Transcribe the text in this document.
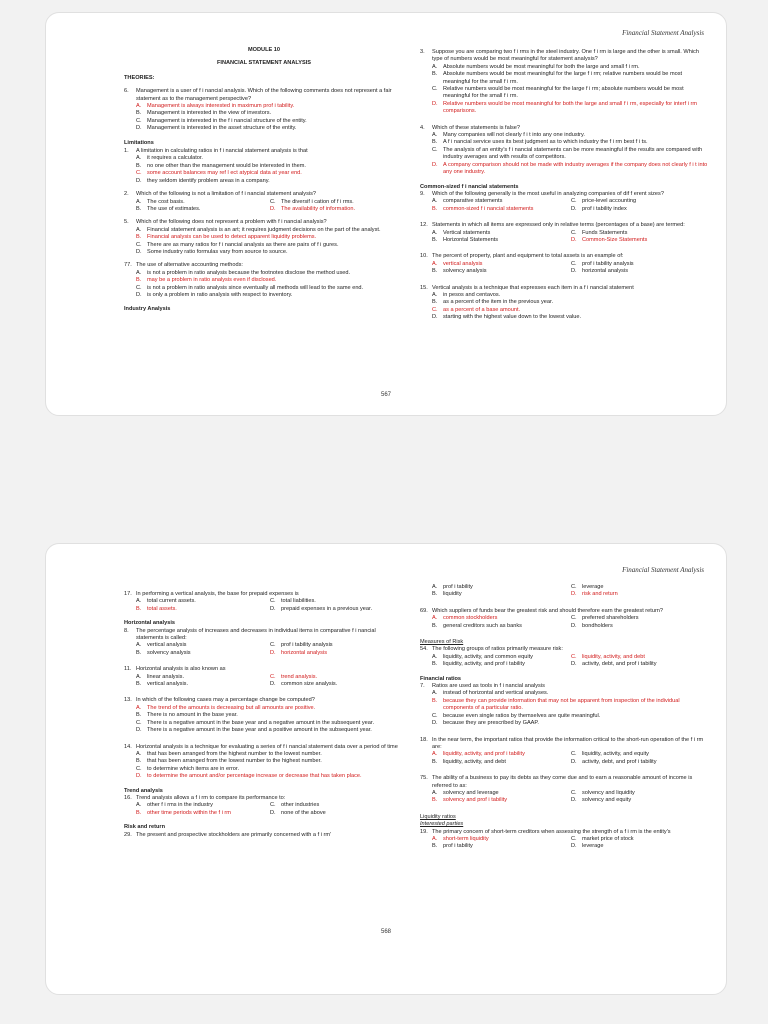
Financial Statement Analysis

MODULE 10

FINANCIAL STATEMENT ANALYSIS

THEORIES:
6.	Management is a user of f i nancial analysis. Which of the following comments does not represent a fair statement as to the management perspective?
A.	Management is always interested in maximum prof i tability.
B.	Management is interested in the view of investors.
C. Management is interested in the f i nancial structure of the entity.
D. Management is interested in the asset structure of the entity.
Limitations
1.	A limitation in calculating ratios in f i nancial statement analysis is that
A.	it requires a calculator.
B.	no one other than the management would be interested in them.
C. some account balances may ref l ect atypical data at year end.
D. they seldom identify problem areas in a company.
2.	Which of the following is not a limitation of f i nancial statement analysis?
A.	The cost basis.	C. The diversif i cation of f i rms.
B.	The use of estimates.	D. The availability of information.
5.	Which of the following does not represent a problem with f i nancial analysis?
A.	Financial statement analysis is an art; it requires judgment decisions on the part of the analyst.
B.	Financial analysis can be used to detect apparent liquidity problems.
C. There are as many ratios for f i nancial analysis as there are pairs of f i gures.
D. Some industry ratio formulas vary from source to source.
77. The use of alternative accounting methods:
A.	is not a problem in ratio analysis because the footnotes disclose the method used.
B.	may be a problem in ratio analysis even if disclosed.
C. is not a problem in ratio analysis since eventually all methods will lead to the same end.
D. is only a problem in ratio analysis with respect to inventory.
Industry Analysis
3.	Suppose you are comparing two f i rms in the steel industry. One f i rm is large and the other is small. Which type of numbers would be most meaningful for statement analysis?
A.	Absolute numbers would be most meaningful for both the large and small f i rm.
B.	Absolute numbers would be most meaningful for the large f i rm; relative numbers would be most meaningful for the small f i rm.
C. Relative numbers would be most meaningful for the large f i rm; absolute numbers would be most meaningful for the small f i rm.
D. Relative numbers would be most meaningful for both the large and small f i rm, especially for interf i rm comparisons.
4.	Which of these statements is false?
A.	Many companies will not clearly f i t into any one industry.
B.	A f i nancial service uses its best judgment as to which industry the f i rm best f i ts.
C. The analysis of an entity's f i nancial statements can be more meaningful if the results are compared with industry averages and with results of competitors.
D. A company comparison should not be made with industry averages if the company does not clearly f i t into any one industry.
Common-sized f i nancial statements
9.	Which of the following generally is the most useful in analyzing companies of dif f erent sizes?
A.	comparative statements	C. price-level accounting
B.	common-sized f i nancial statements	D. prof i tability index
12. Statements in which all items are expressed only in relative terms (percentages of a base) are termed:
A.	Vertical statements	C. Funds Statements
B.	Horizontal Statements	D. Common-Size Statements
10. The percent of property, plant and equipment to total assets is an example of:
A.	vertical analysis	C. prof i tability analysis
B.	solvency analysis	D. horizontal analysis
15. Vertical analysis is a technique that expresses each item in a f i nancial statement
A.	in pesos and centavos.
B.	as a percent of the item in the previous year.
C. as a percent of a base amount.
D. starting with the highest value down to the lowest value.
567
Financial Statement Analysis
17. In performing a vertical analysis, the base for prepaid expenses is
A.	total current assets.	C. total liabilities.
B.	total assets.	D. prepaid expenses in a previous year.
Horizontal analysis
8.	The percentage analysis of increases and decreases in individual items in comparative f i nancial statements is called:
A.	vertical analysis	C. prof i tability analysis
B.	solvency analysis	D. horizontal analysis
11. Horizontal analysis is also known as
A.	linear analysis.	C. trend analysis.
B.	vertical analysis.	D. common size analysis.
13. In which of the following cases may a percentage change be computed?
A.	The trend of the amounts is decreasing but all amounts are positive.
B.	There is no amount in the base year.
C. There is a negative amount in the base year and a negative amount in the subsequent year.
D. There is a negative amount in the base year and a positive amount in the subsequent year.
14. Horizontal analysis is a technique for evaluating a series of f i nancial statement data over a period of time
A.	that has been arranged from the highest number to the lowest number.
B.	that has been arranged from the lowest number to the highest number.
C. to determine which items are in error.
D. to determine the amount and/or percentage increase or decrease that has taken place.
Trend analysis
16. Trend analysis allows a f i rm to compare its performance to:
A.	other f i rms in the industry	C. other industries
B.	other time periods within the f i rm	D. none of the above
Risk and return
29. The present and prospective stockholders are primarily concerned with a f i rm'
A.	prof i tability	C. leverage
B.	liquidity	D. risk and return
69. Which suppliers of funds bear the greatest risk and should therefore earn the greatest return?
A.	common stockholders	C. preferred shareholders
B.	general creditors such as banks	D. bondholders
Measures of Risk
54. The following groups of ratios primarily measure risk:
A.	liquidity, activity, and common equity	C. liquidity, activity, and debt
B.	liquidity, activity, and prof i tability	D. activity, debt, and prof i tability
Financial ratios
7.	Ratios are used as tools in f i nancial analysis
A.	instead of horizontal and vertical analyses.
B.	because they can provide information that may not be apparent from inspection of the individual components of a particular ratio.
C. because even single ratios by themselves are quite meaningful.
D. because they are prescribed by GAAP.
18. In the near term, the important ratios that provide the information critical to the short-run operation of the f i rm are:
A.	liquidity, activity, and prof i tability	C. liquidity, activity, and equity
B.	liquidity, activity, and debt	D. activity, debt, and prof i tability
75. The ability of a business to pay its debts as they come due and to earn a reasonable amount of income is referred to as:
A.	solvency and leverage	C. solvency and liquidity
B.	solvency and prof i tability	D. solvency and equity
Liquidity ratios
Interested parties
19. The primary concern of short-term creditors when assessing the strength of a f i rm is the entity's
A.	short-term liquidity	C. market price of stock
B.	prof i tability	D. leverage
568
